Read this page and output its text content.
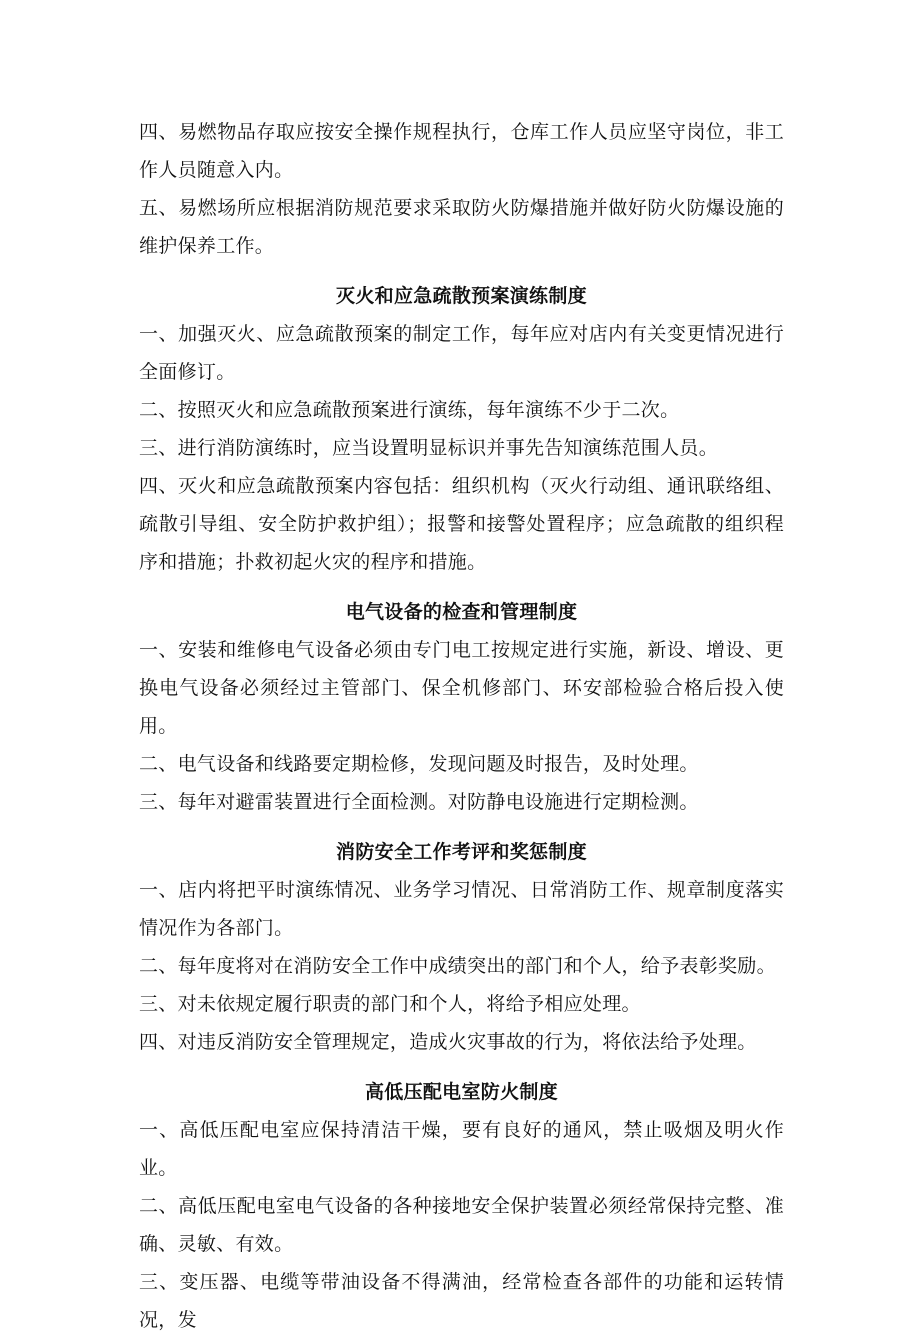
四、易燃物品存取应按安全操作规程执行，仓库工作人员应坚守岗位，非工作人员随意入内。

五、易燃场所应根据消防规范要求采取防火防爆措施并做好防火防爆设施的维护保养工作。

灭火和应急疏散预案演练制度

一、加强灭火、应急疏散预案的制定工作，每年应对店内有关变更情况进行全面修订。

二、按照灭火和应急疏散预案进行演练，每年演练不少于二次。

三、进行消防演练时，应当设置明显标识并事先告知演练范围人员。

四、灭火和应急疏散预案内容包括：组织机构（灭火行动组、通讯联络组、疏散引导组、安全防护救护组）；报警和接警处置程序；应急疏散的组织程序和措施；扑救初起火灾的程序和措施。

电气设备的检查和管理制度

一、安装和维修电气设备必须由专门电工按规定进行实施，新设、增设、更换电气设备必须经过主管部门、保全机修部门、环安部检验合格后投入使用。

二、电气设备和线路要定期检修，发现问题及时报告，及时处理。

三、每年对避雷装置进行全面检测。对防静电设施进行定期检测。

消防安全工作考评和奖惩制度

一、店内将把平时演练情况、业务学习情况、日常消防工作、规章制度落实情况作为各部门。

二、每年度将对在消防安全工作中成绩突出的部门和个人，给予表彰奖励。

三、对未依规定履行职责的部门和个人，将给予相应处理。

四、对违反消防安全管理规定，造成火灾事故的行为，将依法给予处理。

高低压配电室防火制度

一、高低压配电室应保持清洁干燥，要有良好的通风，禁止吸烟及明火作业。

二、高低压配电室电气设备的各种接地安全保护装置必须经常保持完整、准确、灵敏、有效。

三、变压器、电缆等带油设备不得满油，经常检查各部件的功能和运转情况，发
